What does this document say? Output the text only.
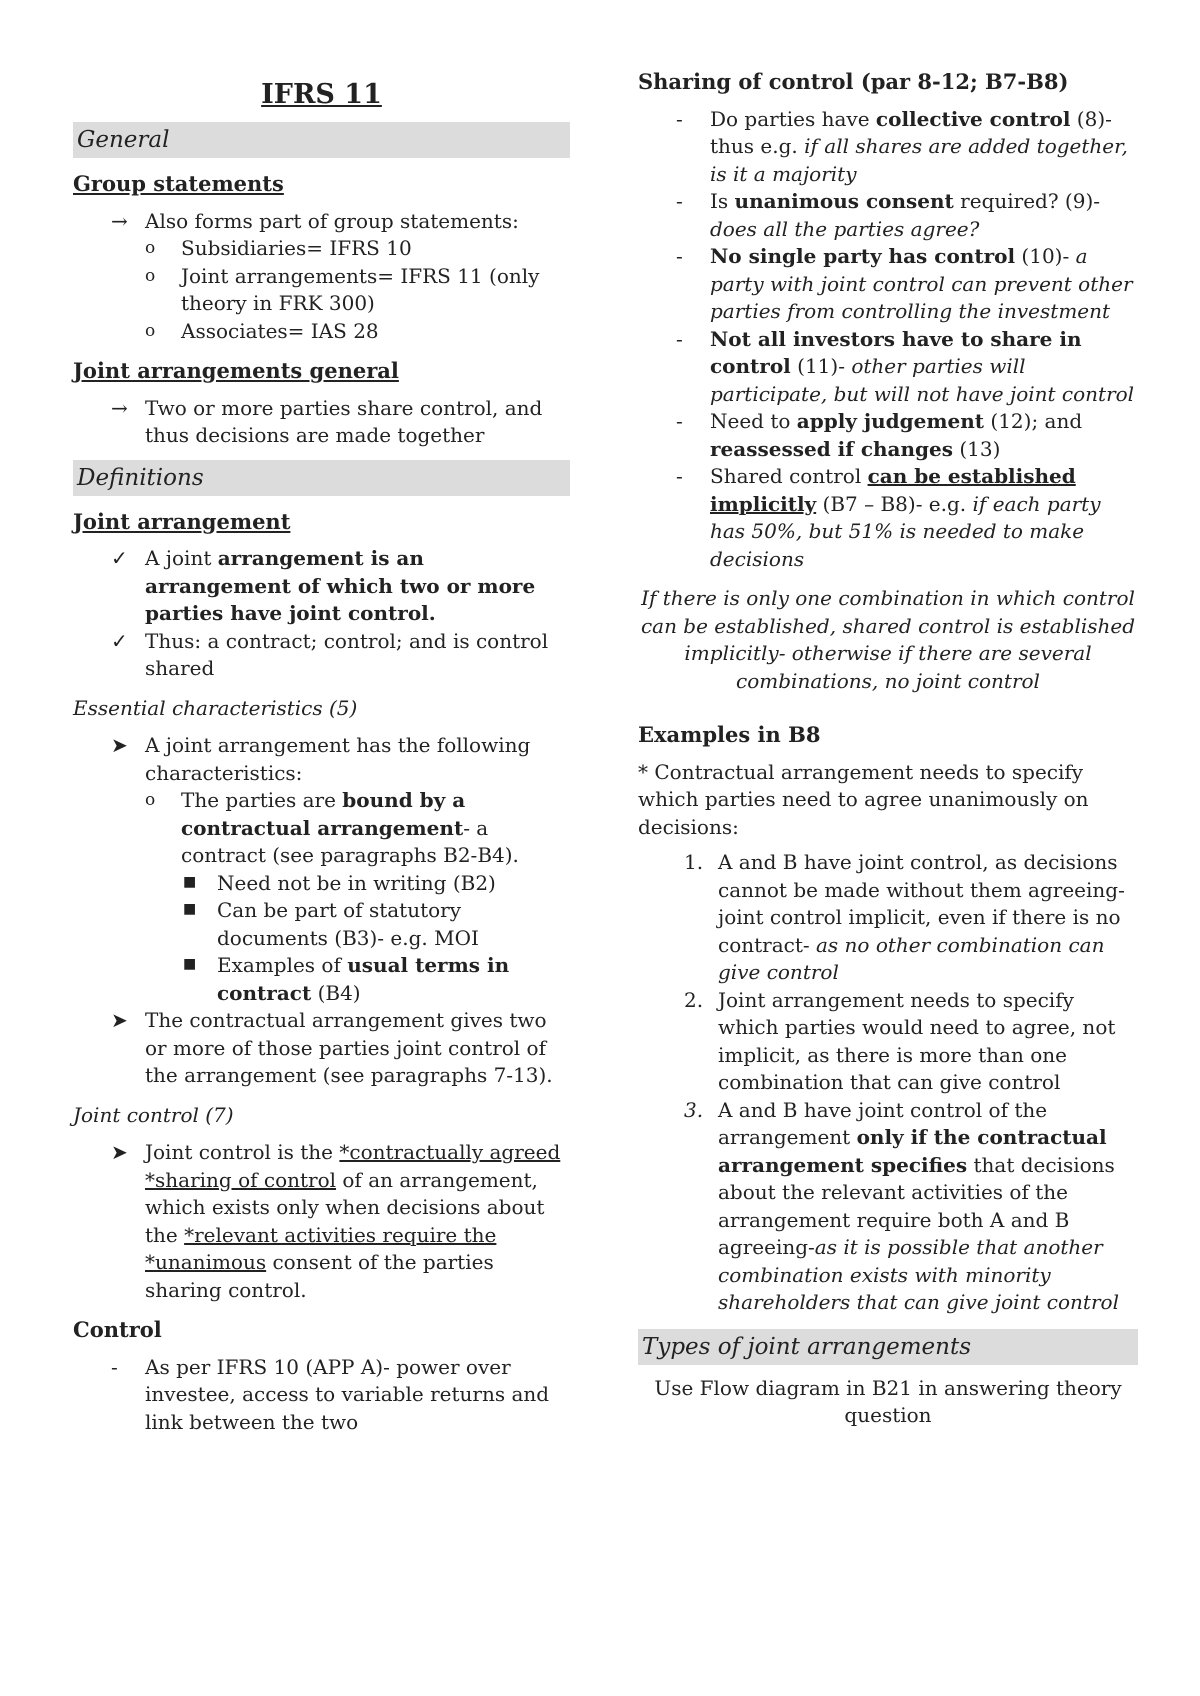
IFRS 11
General
Group statements
→ Also forms part of group statements:
o Subsidiaries= IFRS 10
o Joint arrangements= IFRS 11 (only theory in FRK 300)
o Associates= IAS 28
Joint arrangements general
→ Two or more parties share control, and thus decisions are made together
Definitions
Joint arrangement
✓ A joint arrangement is an arrangement of which two or more parties have joint control.
✓ Thus: a contract; control; and is control shared
Essential characteristics (5)
➤ A joint arrangement has the following characteristics:
o The parties are bound by a contractual arrangement- a contract (see paragraphs B2-B4).
■ Need not be in writing (B2)
■ Can be part of statutory documents (B3)- e.g. MOI
■ Examples of usual terms in contract (B4)
➤ The contractual arrangement gives two or more of those parties joint control of the arrangement (see paragraphs 7-13).
Joint control (7)
➤ Joint control is the *contractually agreed *sharing of control of an arrangement, which exists only when decisions about the *relevant activities require the *unanimous consent of the parties sharing control.
Control
- As per IFRS 10 (APP A)- power over investee, access to variable returns and link between the two
Sharing of control (par 8-12; B7-B8)
- Do parties have collective control (8)- thus e.g. if all shares are added together, is it a majority
- Is unanimous consent required? (9)- does all the parties agree?
- No single party has control (10)- a party with joint control can prevent other parties from controlling the investment
- Not all investors have to share in control (11)- other parties will participate, but will not have joint control
- Need to apply judgement (12); and reassessed if changes (13)
- Shared control can be established implicitly (B7 – B8)- e.g. if each party has 50%, but 51% is needed to make decisions
If there is only one combination in which control can be established, shared control is established implicitly- otherwise if there are several combinations, no joint control
Examples in B8
* Contractual arrangement needs to specify which parties need to agree unanimously on decisions:
1. A and B have joint control, as decisions cannot be made without them agreeing- joint control implicit, even if there is no contract- as no other combination can give control
2. Joint arrangement needs to specify which parties would need to agree, not implicit, as there is more than one combination that can give control
3. A and B have joint control of the arrangement only if the contractual arrangement specifies that decisions about the relevant activities of the arrangement require both A and B agreeing-as it is possible that another combination exists with minority shareholders that can give joint control
Types of joint arrangements
Use Flow diagram in B21 in answering theory question
